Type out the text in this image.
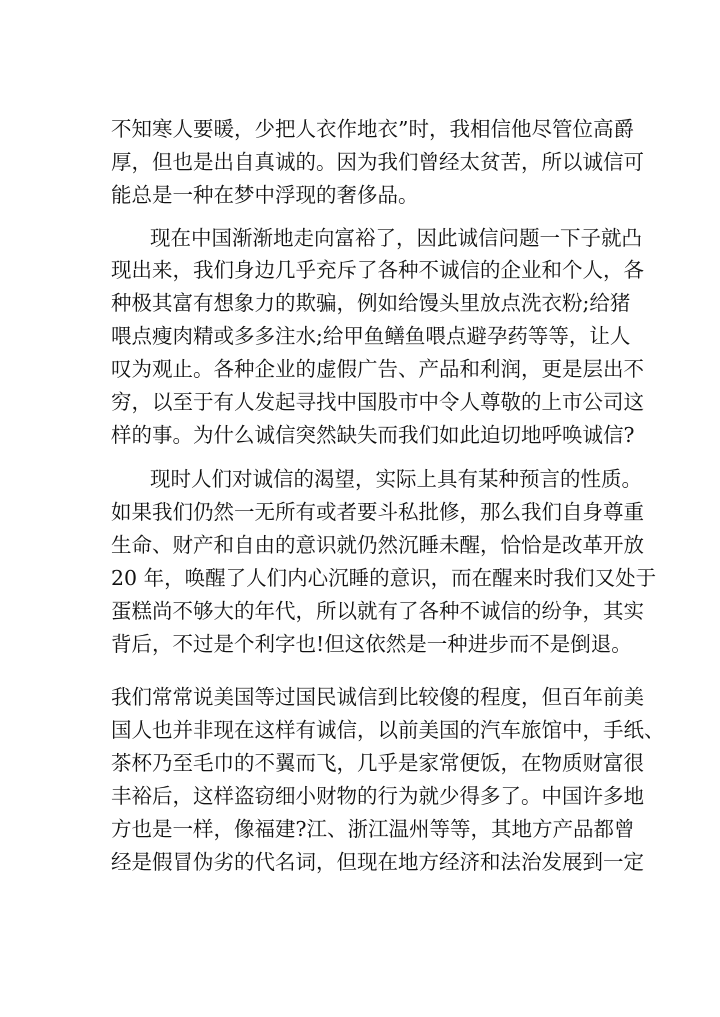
不知寒人要暖，少把人衣作地衣”时，我相信他尽管位高爵
厚，但也是出自真诚的。因为我们曾经太贫苦，所以诚信可
能总是一种在梦中浮现的奢侈品。
现在中国渐渐地走向富裕了，因此诚信问题一下子就凸
现出来，我们身边几乎充斥了各种不诚信的企业和个人，各
种极其富有想象力的欺骗，例如给馒头里放点洗衣粉;给猪
喂点瘦肉精或多多注水;给甲鱼鳝鱼喂点避孕药等等，让人
叹为观止。各种企业的虚假广告、产品和利润，更是层出不
穷，以至于有人发起寻找中国股市中令人尊敬的上市公司这
样的事。为什么诚信突然缺失而我们如此迫切地呼唤诚信?
现时人们对诚信的渴望，实际上具有某种预言的性质。
如果我们仍然一无所有或者要斗私批修，那么我们自身尊重
生命、财产和自由的意识就仍然沉睡未醒，恰恰是改革开放
20 年，唤醒了人们内心沉睡的意识，而在醒来时我们又处于
蛋糕尚不够大的年代，所以就有了各种不诚信的纷争，其实
背后，不过是个利字也!但这依然是一种进步而不是倒退。
我们常常说美国等过国民诚信到比较傻的程度，但百年前美
国人也并非现在这样有诚信，以前美国的汽车旅馆中，手纸、
茶杯乃至毛巾的不翼而飞，几乎是家常便饭，在物质财富很
丰裕后，这样盗窃细小财物的行为就少得多了。中国许多地
方也是一样，像福建?江、浙江温州等等，其地方产品都曾
经是假冒伪劣的代名词，但现在地方经济和法治发展到一定
